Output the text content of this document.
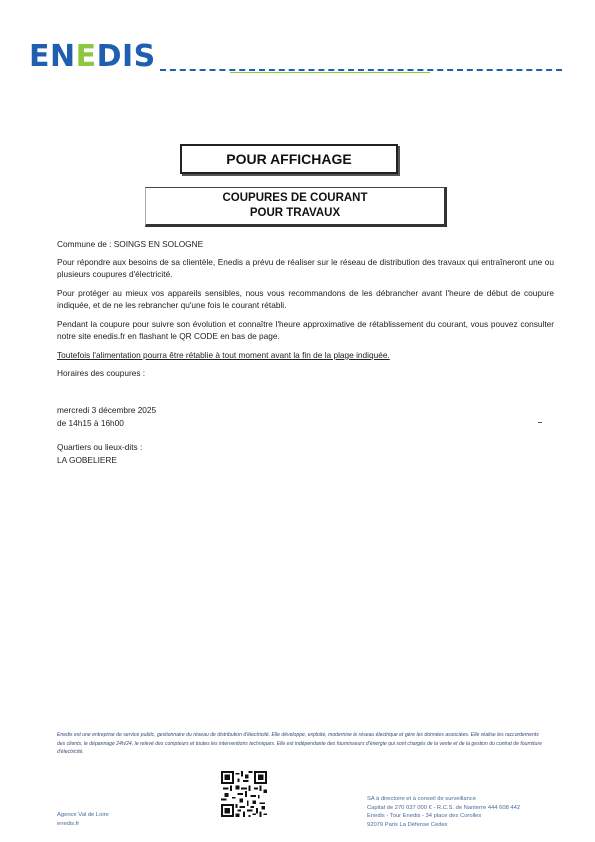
ENEDIS
POUR AFFICHAGE
COUPURES DE COURANT
POUR TRAVAUX
Commune de : SOINGS EN SOLOGNE
Pour répondre aux besoins de sa clientèle, Enedis a prévu de réaliser sur le réseau de distribution des travaux qui entraîneront une ou plusieurs coupures d'électricité.
Pour protéger au mieux vos appareils sensibles, nous vous recommandons de les débrancher avant l'heure de début de coupure indiquée, et de ne les rebrancher qu'une fois le courant rétabli.
Pendant la coupure pour suivre son évolution et connaître l'heure approximative de rétablissement du courant, vous pouvez consulter notre site enedis.fr en flashant le QR CODE en bas de page.
Toutefois l'alimentation pourra être rétablie à tout moment avant la fin de la plage indiquée.
Horaires des coupures :
mercredi 3 décembre 2025
de 14h15 à 16h00
Quartiers ou lieux-dits :
LA GOBELIERE
Enedis est une entreprise de service public, gestionnaire du réseau de distribution d'électricité. Elle développe, exploite, modernise le réseau électrique et gère les données associées. Elle réalise les raccordements des clients, le dépannage 24h/24, le relevé des compteurs et toutes les interventions techniques. Elle est indépendante des fournisseurs d'énergie qui sont chargés de la vente et de la gestion du contrat de fourniture d'électricité.
Agence Val de Loire
enedis.fr
SA à directoire et à conseil de surveillance
Capital de 270 037 000 € - R.C.S. de Nanterre 444 608 442
Enedis - Tour Enedis - 34 place des Corolles
92079 Paris La Défense Cedex
